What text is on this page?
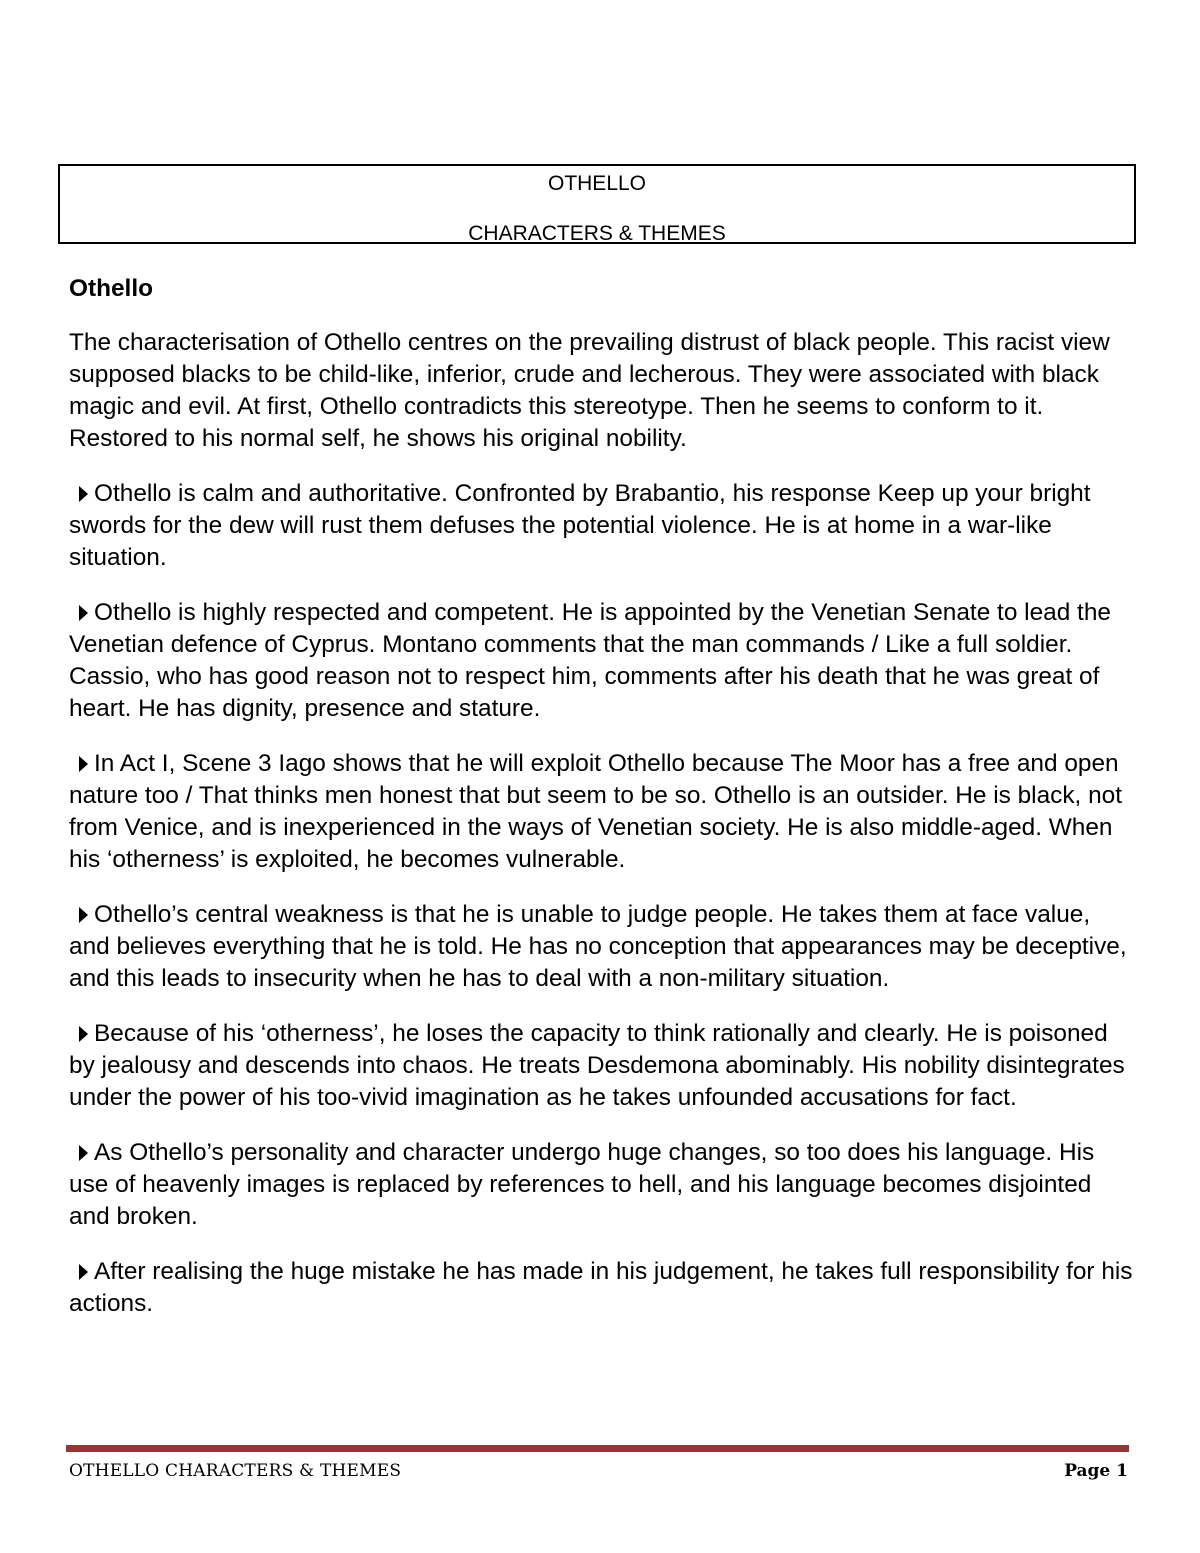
OTHELLO
CHARACTERS & THEMES
Othello
The characterisation of Othello centres on the prevailing distrust of black people. This racist view supposed blacks to be child-like, inferior, crude and lecherous. They were associated with black magic and evil. At first, Othello contradicts this stereotype. Then he seems to conform to it. Restored to his normal self, he shows his original nobility.
Othello is calm and authoritative. Confronted by Brabantio, his response Keep up your bright swords for the dew will rust them defuses the potential violence. He is at home in a war-like situation.
Othello is highly respected and competent. He is appointed by the Venetian Senate to lead the Venetian defence of Cyprus. Montano comments that the man commands / Like a full soldier. Cassio, who has good reason not to respect him, comments after his death that he was great of heart. He has dignity, presence and stature.
In Act I, Scene 3 Iago shows that he will exploit Othello because The Moor has a free and open nature too / That thinks men honest that but seem to be so. Othello is an outsider. He is black, not from Venice, and is inexperienced in the ways of Venetian society. He is also middle-aged. When his ‘otherness’ is exploited, he becomes vulnerable.
Othello’s central weakness is that he is unable to judge people. He takes them at face value, and believes everything that he is told. He has no conception that appearances may be deceptive, and this leads to insecurity when he has to deal with a non-military situation.
Because of his ‘otherness’, he loses the capacity to think rationally and clearly. He is poisoned by jealousy and descends into chaos. He treats Desdemona abominably. His nobility disintegrates under the power of his too-vivid imagination as he takes unfounded accusations for fact.
As Othello’s personality and character undergo huge changes, so too does his language. His use of heavenly images is replaced by references to hell, and his language becomes disjointed and broken.
After realising the huge mistake he has made in his judgement, he takes full responsibility for his actions.
OTHELLO CHARACTERS & THEMES	Page 1
